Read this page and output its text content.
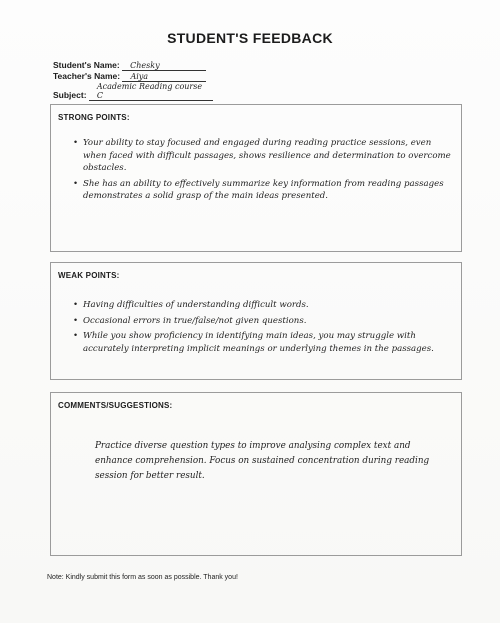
STUDENT'S FEEDBACK
Student's Name: Chesky
Teacher's Name: Aiya
Subject: Academic Reading course C
STRONG POINTS:
• Your ability to stay focused and engaged during reading practice sessions, even when faced with difficult passages, shows resilience and determination to overcome obstacles.
• She has an ability to effectively summarize key information from reading passages demonstrates a solid grasp of the main ideas presented.
WEAK POINTS:
• Having difficulties of understanding difficult words.
• Occasional errors in true/false/not given questions.
• While you show proficiency in identifying main ideas, you may struggle with accurately interpreting implicit meanings or underlying themes in the passages.
COMMENTS/SUGGESTIONS:

Practice diverse question types to improve analysing complex text and enhance comprehension. Focus on sustained concentration during reading session for better result.

Note: Kindly submit this form as soon as possible. Thank you!
